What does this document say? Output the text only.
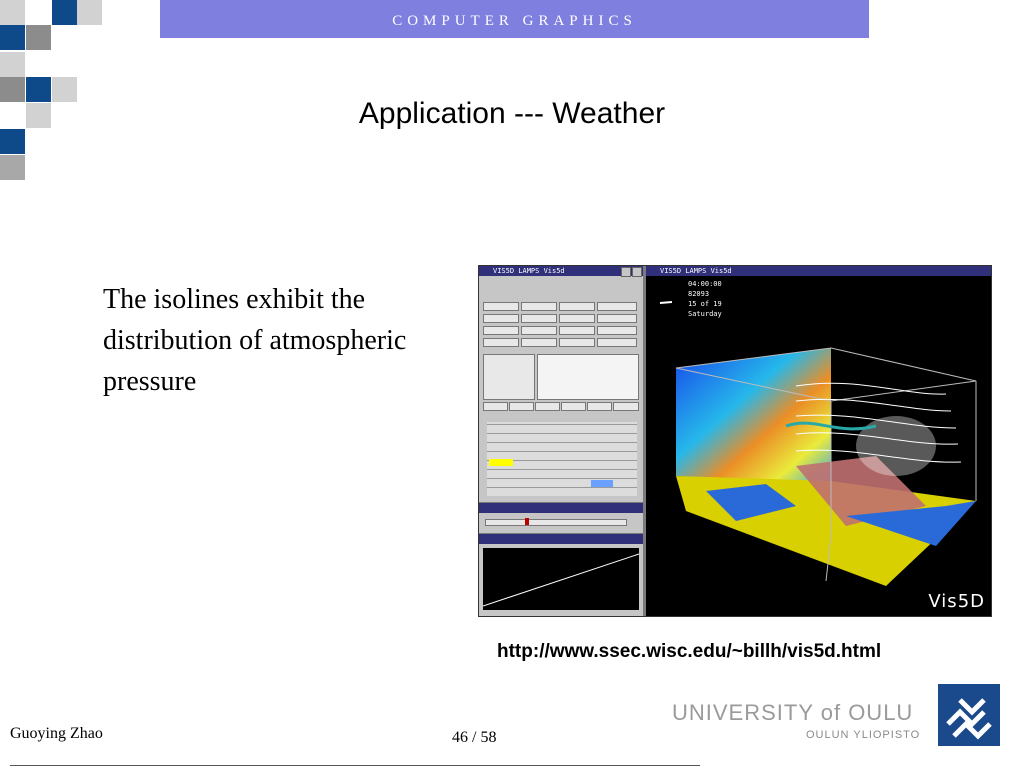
COMPUTER GRAPHICS
Application --- Weather
The isolines exhibit the distribution of atmospheric pressure
VIS5D LAMPS Vis5d	VIS5D LAMPS Vis5d
04:00:00
82093
15 of 19
Saturday
Vis5D
http://www.ssec.wisc.edu/~billh/vis5d.html
Guoying Zhao	46 / 58
UNIVERSITY of OULU
OULUN YLIOPISTO
